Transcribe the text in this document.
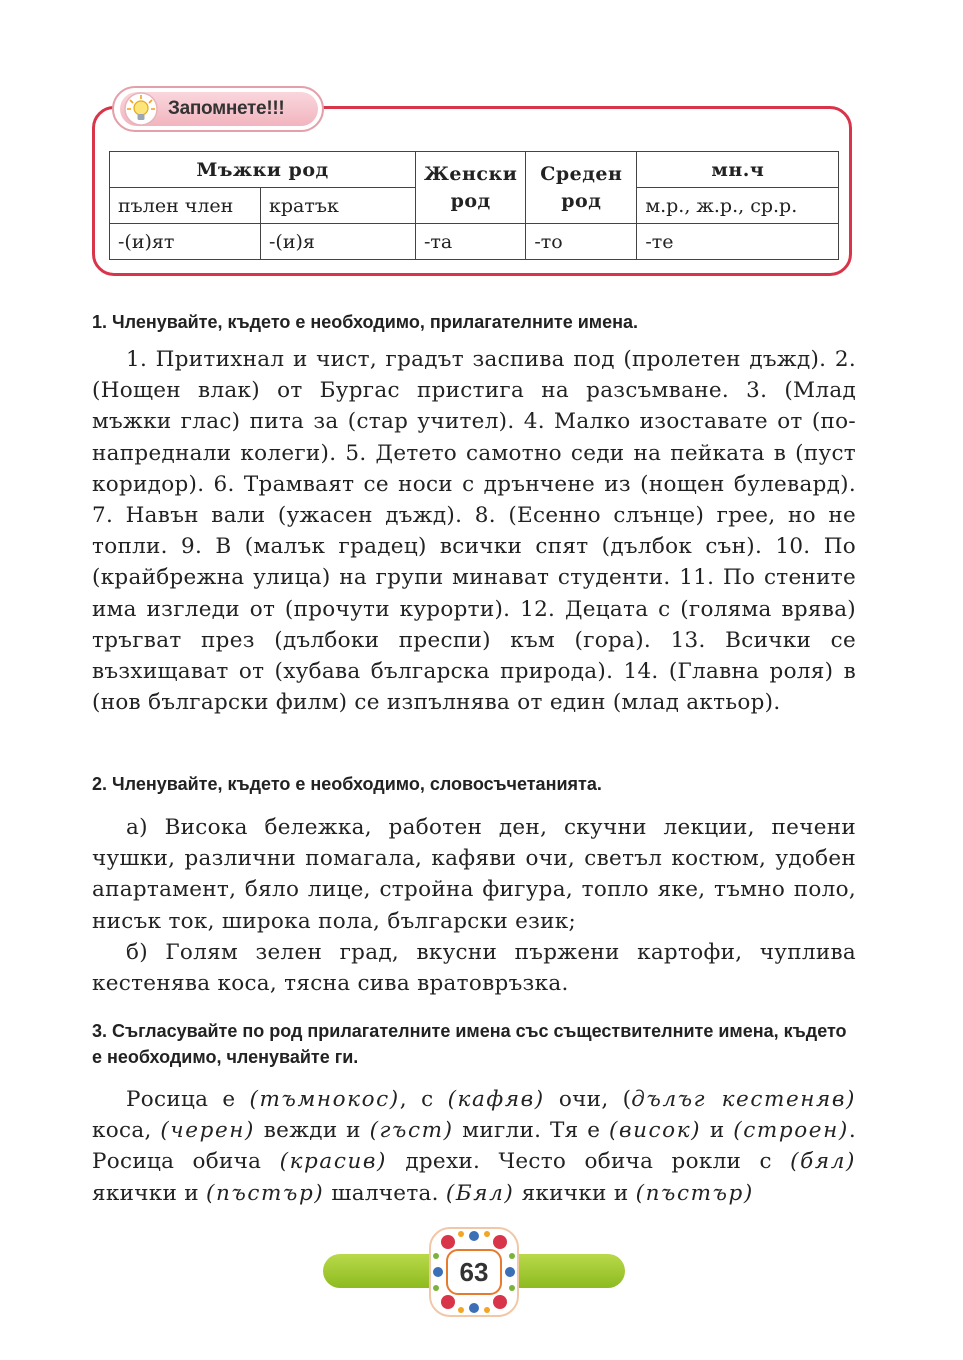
Запомнете!!!
Мъжки род		Женски род	Среден род	мн.ч
пълен член	кратък			м.р., ж.р., ср.р.
-(и)ят	-(и)я	-та	-то	-те
1. Членувайте, където е необходимо, прилагателните имена.

1. Притихнал и чист, градът заспива под (пролетен дъжд). 2. (Нощен влак) от Бургас пристига на разсъмване. 3. (Млад мъжки глас) пита за (стар учител). 4. Малко изоставате от (по-напреднали колеги). 5. Детето самотно седи на пейката в (пуст коридор). 6. Трамваят се носи с дрънчене из (нощен булевард). 7. Навън вали (ужасен дъжд). 8. (Есенно слънце) грее, но не топли. 9. В (малък градец) всички спят (дълбок сън). 10. По (крайбрежна улица) на групи минават студенти. 11. По стените има изгледи от (прочути курорти). 12. Децата с (голяма врява) тръгват през (дълбоки преспи) към (гора). 13. Всички се възхищават от (хубава българска природа). 14. (Главна роля) в (нов български филм) се изпълнява от един (млад актьор).

2. Членувайте, където е необходимо, словосъчетанията.

а) Висока бележка, работен ден, скучни лекции, печени чушки, различни помагала, кафяви очи, светъл костюм, удобен апартамент, бяло лице, стройна фигура, топло яке, тъмно поло, нисък ток, широка пола, български език;

б) Голям зелен град, вкусни пържени картофи, чуплива кестенява коса, тясна сива вратовръзка.

3. Съгласувайте по род прилагателните имена със съществителните имена, където е необходимо, членувайте ги.

Росица е (тъмнокос), с (кафяв) очи, (дълъг кестеняв) коса, (черен) вежди и (гъст) мигли. Тя е (висок) и (строен). Росица обича (красив) дрехи. Често обича рокли с (бял) якички и (пъстър) шалчета. (Бял) якички и (пъстър)

63
